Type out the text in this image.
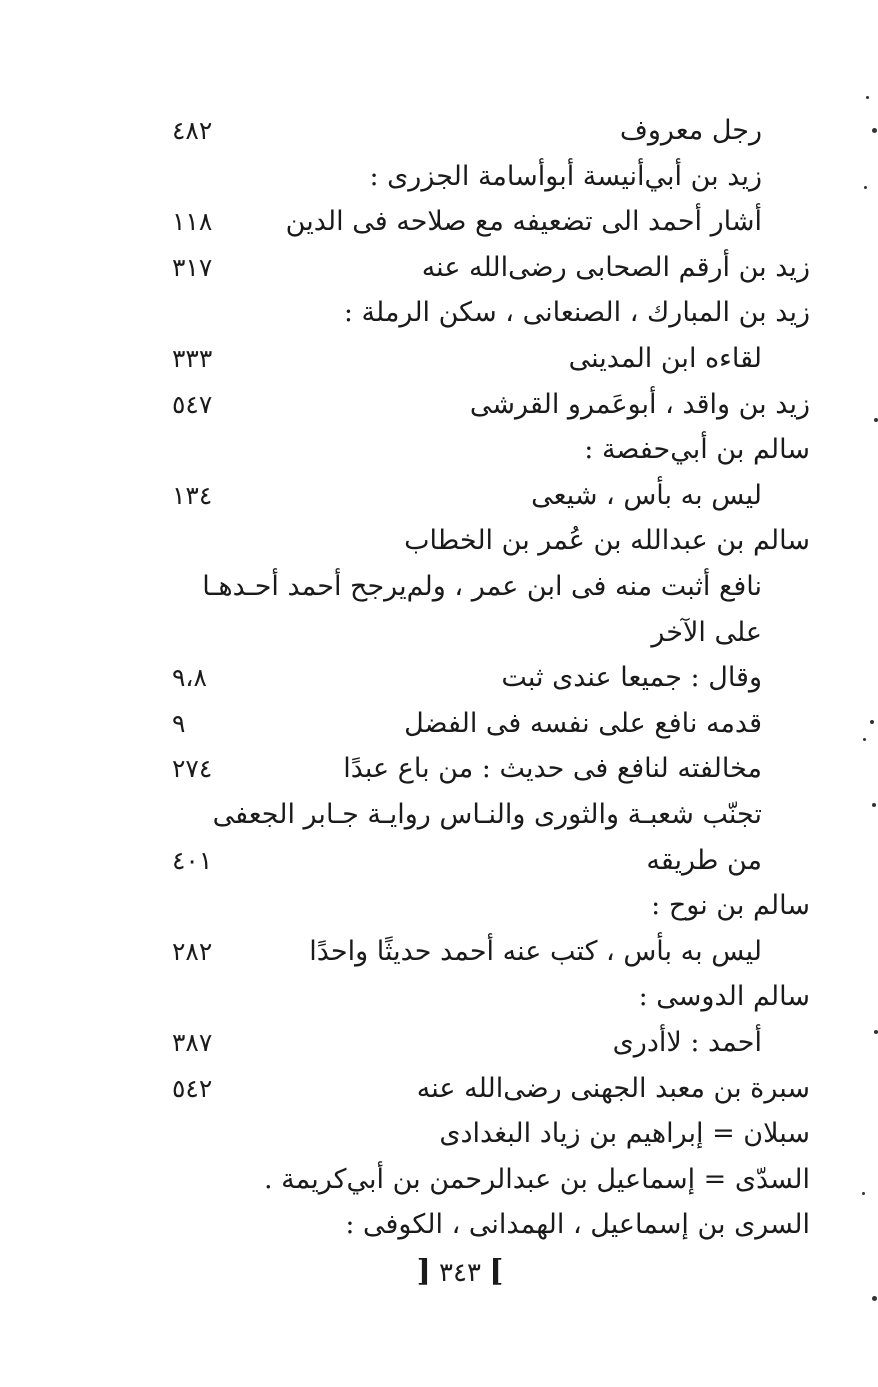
رجل معروف
٤٨٢
زيد بن أبي‌أنيسة أبوأسامة الجزرى :
أشار أحمد الى تضعيفه مع صلاحه فى الدين
١١٨
زيد بن أرقم الصحابى رضى‌الله عنه
٣١٧
زيد بن المبارك ، الصنعانى ، سكن الرملة :
لقاءه ابن المدينى
٣٣٣
زيد بن واقد ، أبوعَمرو القرشى
٥٤٧
سالم بن أبي‌حفصة :
ليس به بأس ، شيعى
١٣٤
سالم بن عبدالله بن عُمر بن الخطاب
نافع أثبت منه فى ابن عمر ، ولم‌يرجح أحمد أحـدهـا
على الآخر
وقال : جميعا عندى ثبت
٩،٨
قدمه نافع على نفسه فى الفضل
٩
مخالفته لنافع فى حديث : من باع عبدًا
٢٧٤
تجنّب شعبـة والثورى والنـاس روايـة جـابر الجعفى
من طريقه
٤٠١
سالم بن نوح :
ليس به بأس ، كتب عنه أحمد حديثًا واحدًا
٢٨٢
سالم الدوسى :
أحمد : لاأدرى
٣٨٧
سبرة بن معبد الجهنى رضى‌الله عنه
٥٤٢
سبلان = إبراهيم بن زياد البغدادى
السدّى = إسماعيل بن عبدالرحمن بن أبي‌كريمة .
السرى بن إسماعيل ، الهمدانى ، الكوفى :
] ٣٤٣ [
